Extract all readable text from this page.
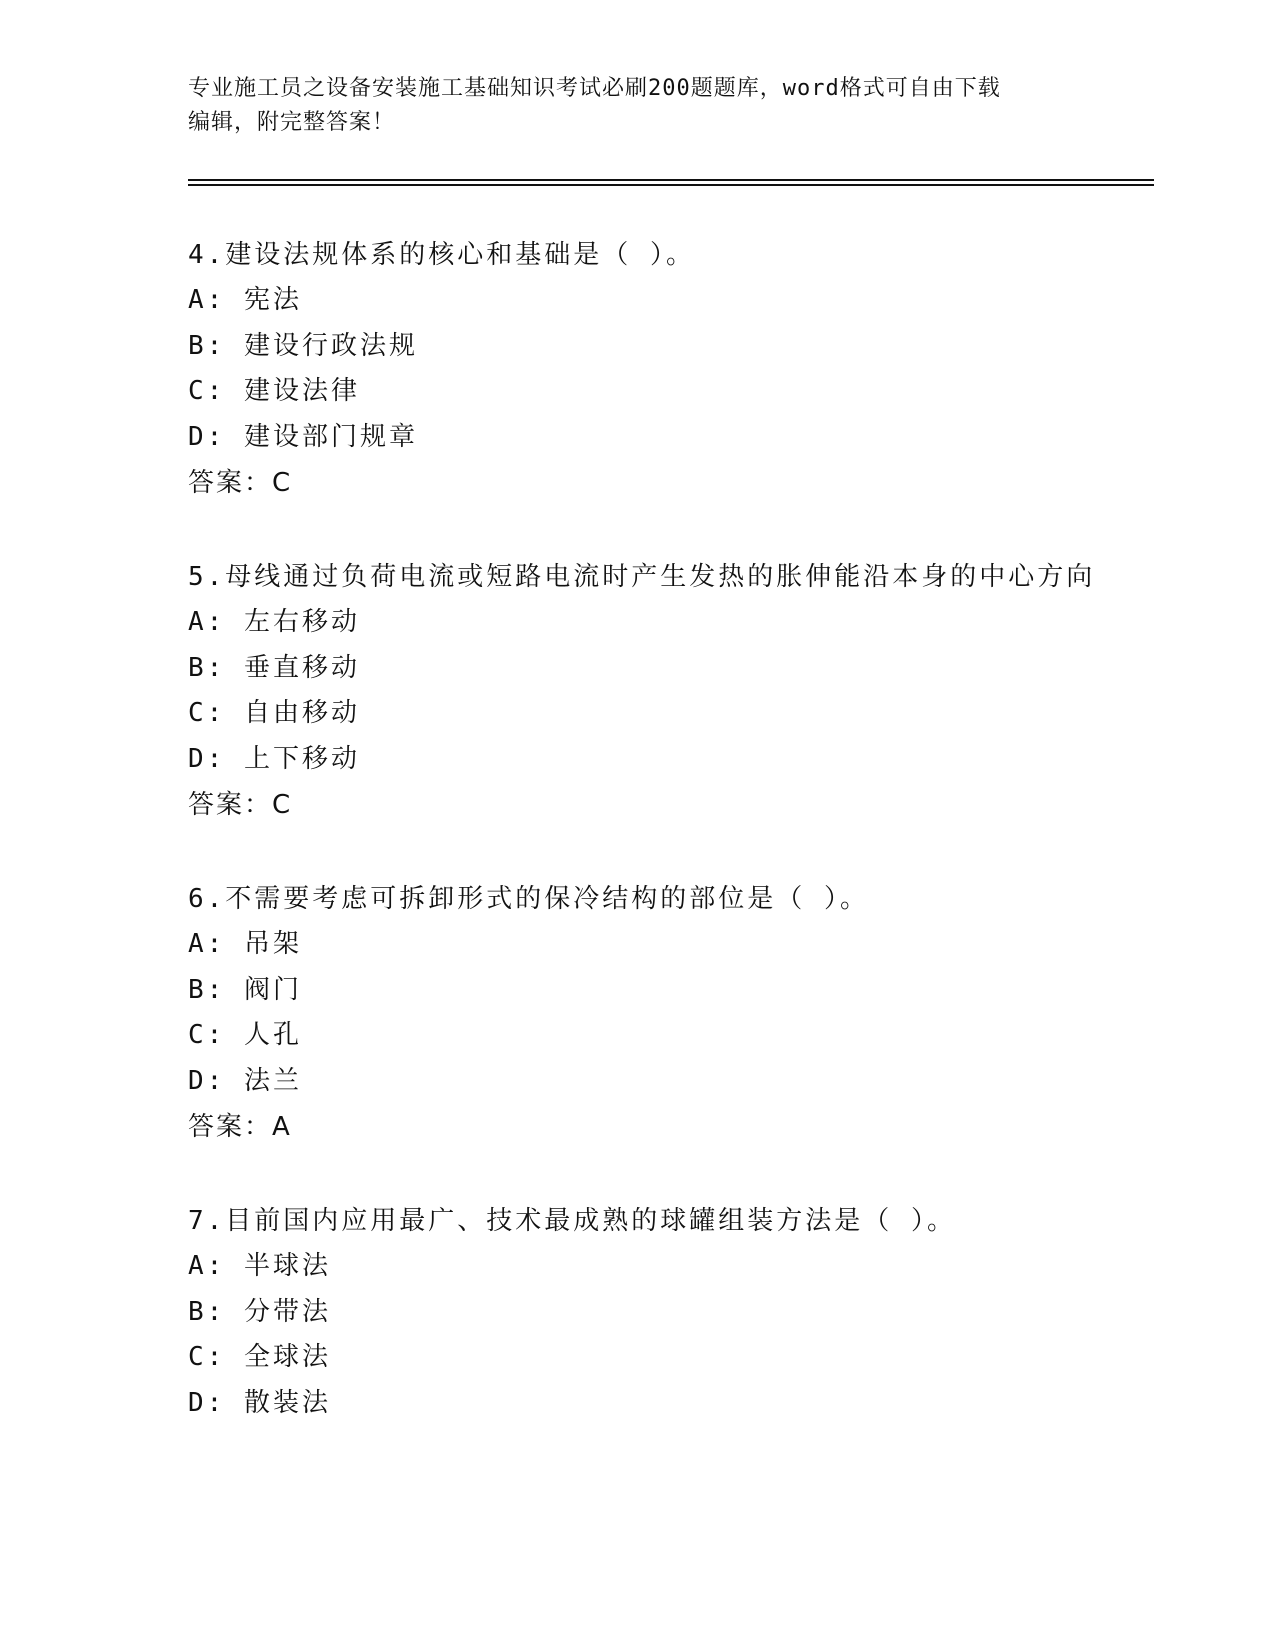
专业施工员之设备安装施工基础知识考试必刷200题题库，word格式可自由下载
编辑，附完整答案！
4.建设法规体系的核心和基础是（ ）。
A: 宪法
B: 建设行政法规
C: 建设法律
D: 建设部门规章
答案：C
5.母线通过负荷电流或短路电流时产生发热的胀伸能沿本身的中心方向
A: 左右移动
B: 垂直移动
C: 自由移动
D: 上下移动
答案：C
6.不需要考虑可拆卸形式的保冷结构的部位是（ ）。
A: 吊架
B: 阀门
C: 人孔
D: 法兰
答案：A
7.目前国内应用最广、技术最成熟的球罐组装方法是（ ）。
A: 半球法
B: 分带法
C: 全球法
D: 散装法
